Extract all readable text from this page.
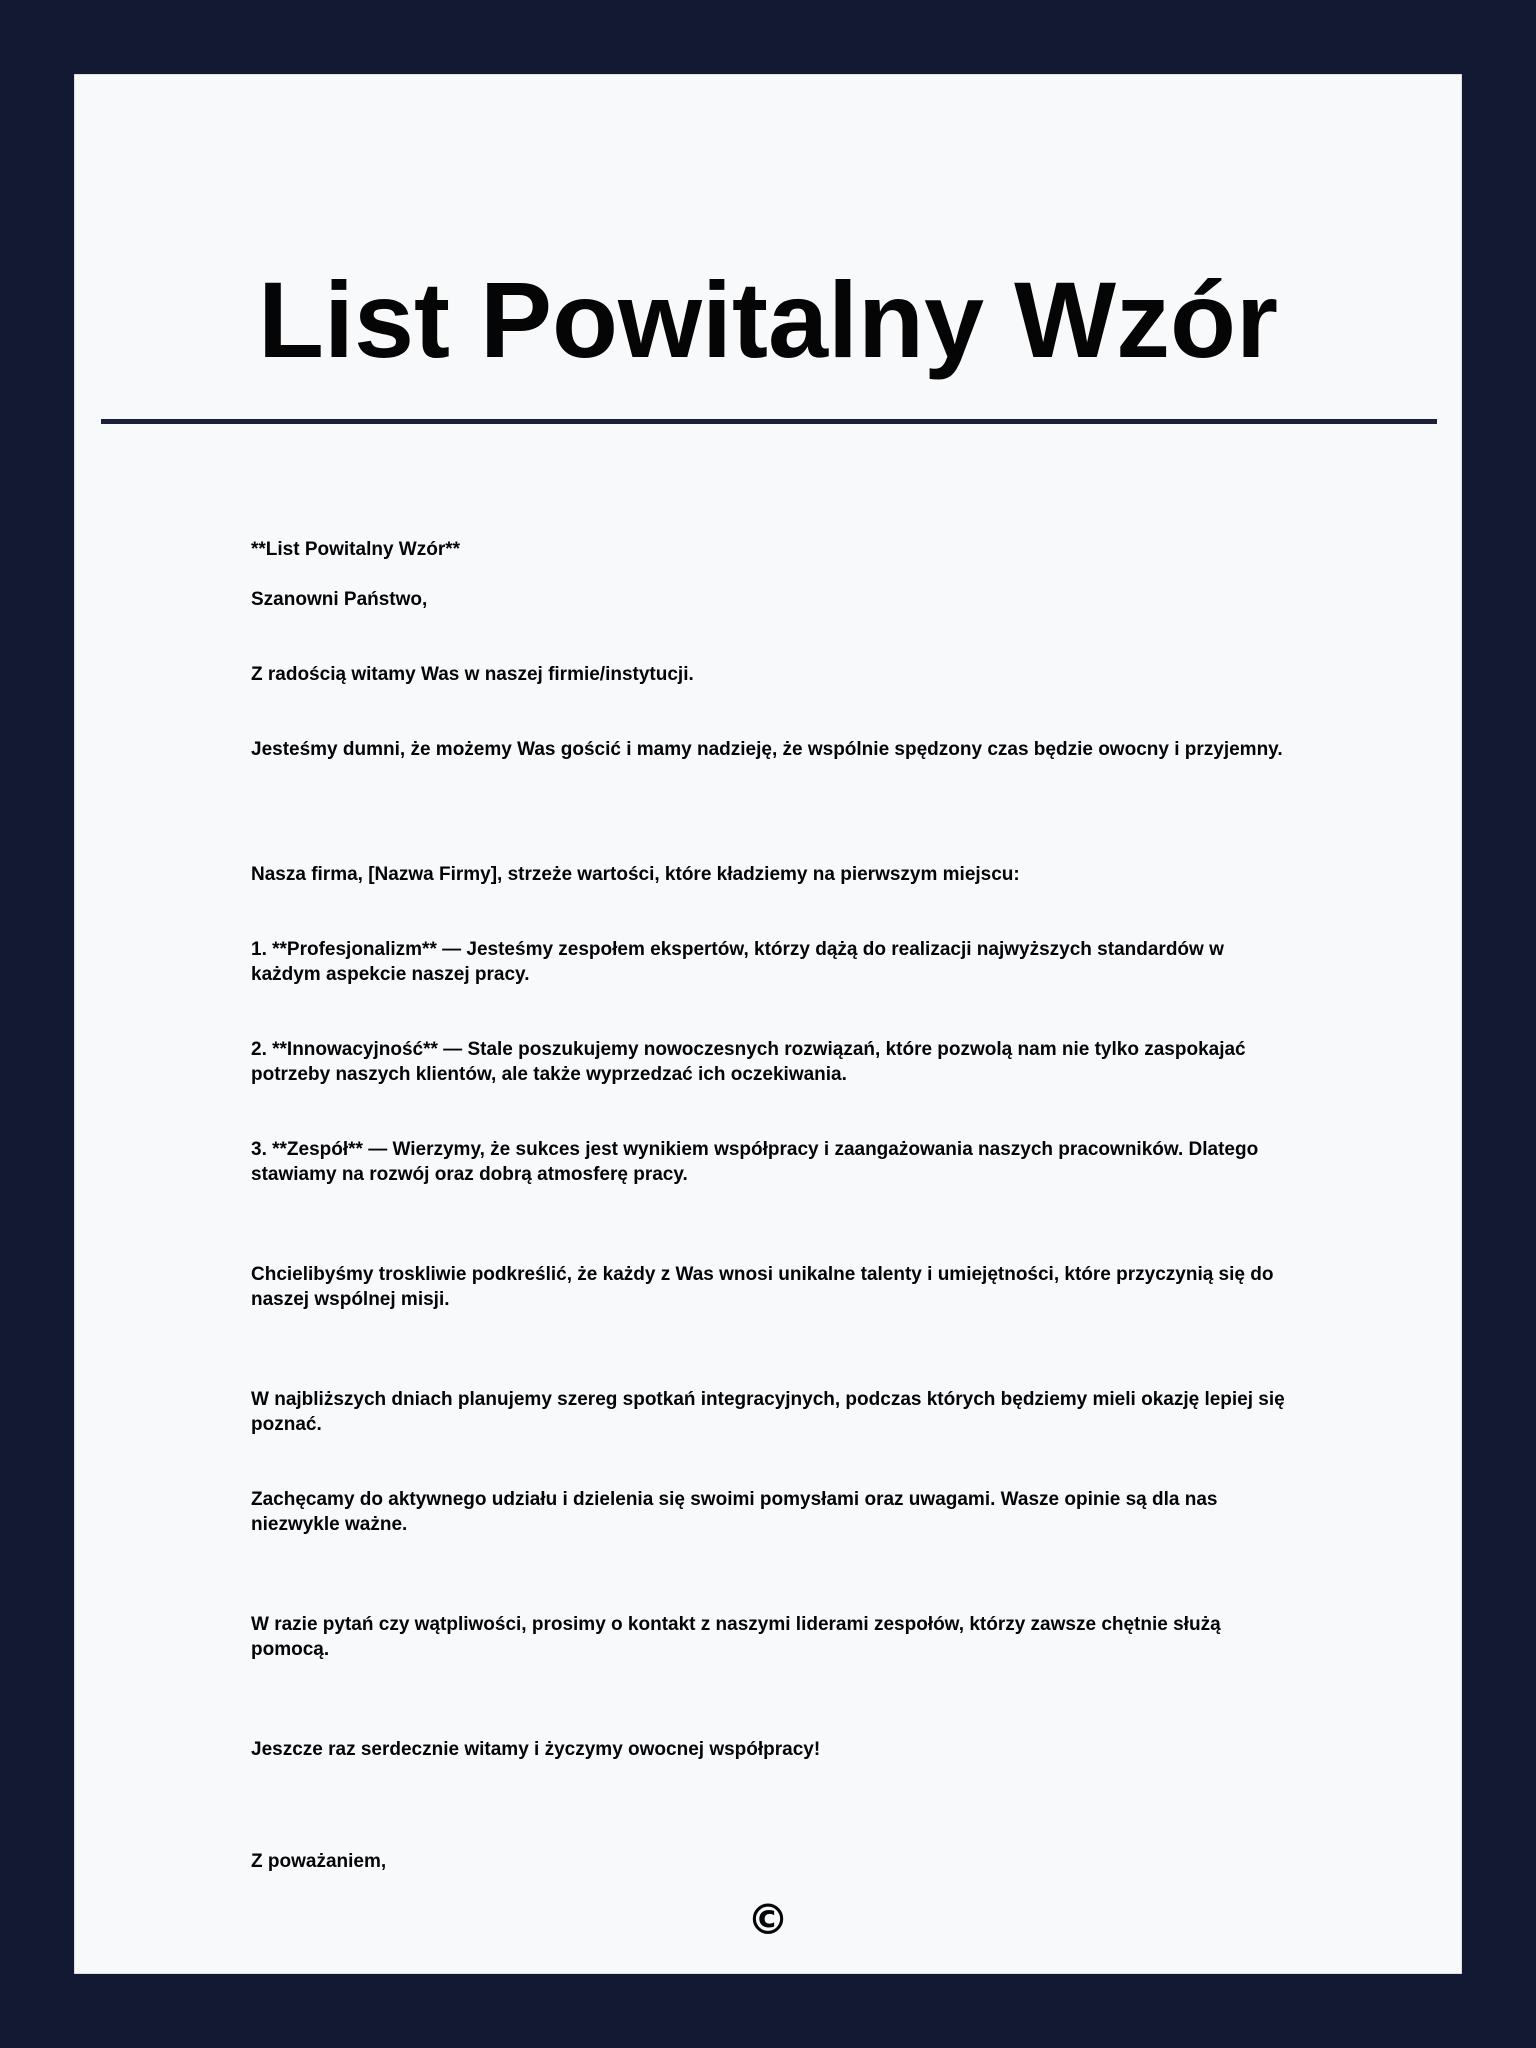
List Powitalny Wzór

**List Powitalny Wzór**

Szanowni Państwo,

Z radością witamy Was w naszej firmie/instytucji.

Jesteśmy dumni, że możemy Was gościć i mamy nadzieję, że wspólnie spędzony czas będzie owocny i przyjemny.

Nasza firma, [Nazwa Firmy], strzeże wartości, które kładziemy na pierwszym miejscu:

1. **Profesjonalizm** — Jesteśmy zespołem ekspertów, którzy dążą do realizacji najwyższych standardów w każdym aspekcie naszej pracy.

2. **Innowacyjność** — Stale poszukujemy nowoczesnych rozwiązań, które pozwolą nam nie tylko zaspokajać potrzeby naszych klientów, ale także wyprzedzać ich oczekiwania.

3. **Zespół** — Wierzymy, że sukces jest wynikiem współpracy i zaangażowania naszych pracowników. Dlatego stawiamy na rozwój oraz dobrą atmosferę pracy.

Chcielibyśmy troskliwie podkreślić, że każdy z Was wnosi unikalne talenty i umiejętności, które przyczynią się do naszej wspólnej misji.

W najbliższych dniach planujemy szereg spotkań integracyjnych, podczas których będziemy mieli okazję lepiej się poznać.

Zachęcamy do aktywnego udziału i dzielenia się swoimi pomysłami oraz uwagami. Wasze opinie są dla nas niezwykle ważne.

W razie pytań czy wątpliwości, prosimy o kontakt z naszymi liderami zespołów, którzy zawsze chętnie służą pomocą.

Jeszcze raz serdecznie witamy i życzymy owocnej współpracy!

Z poważaniem,

©
